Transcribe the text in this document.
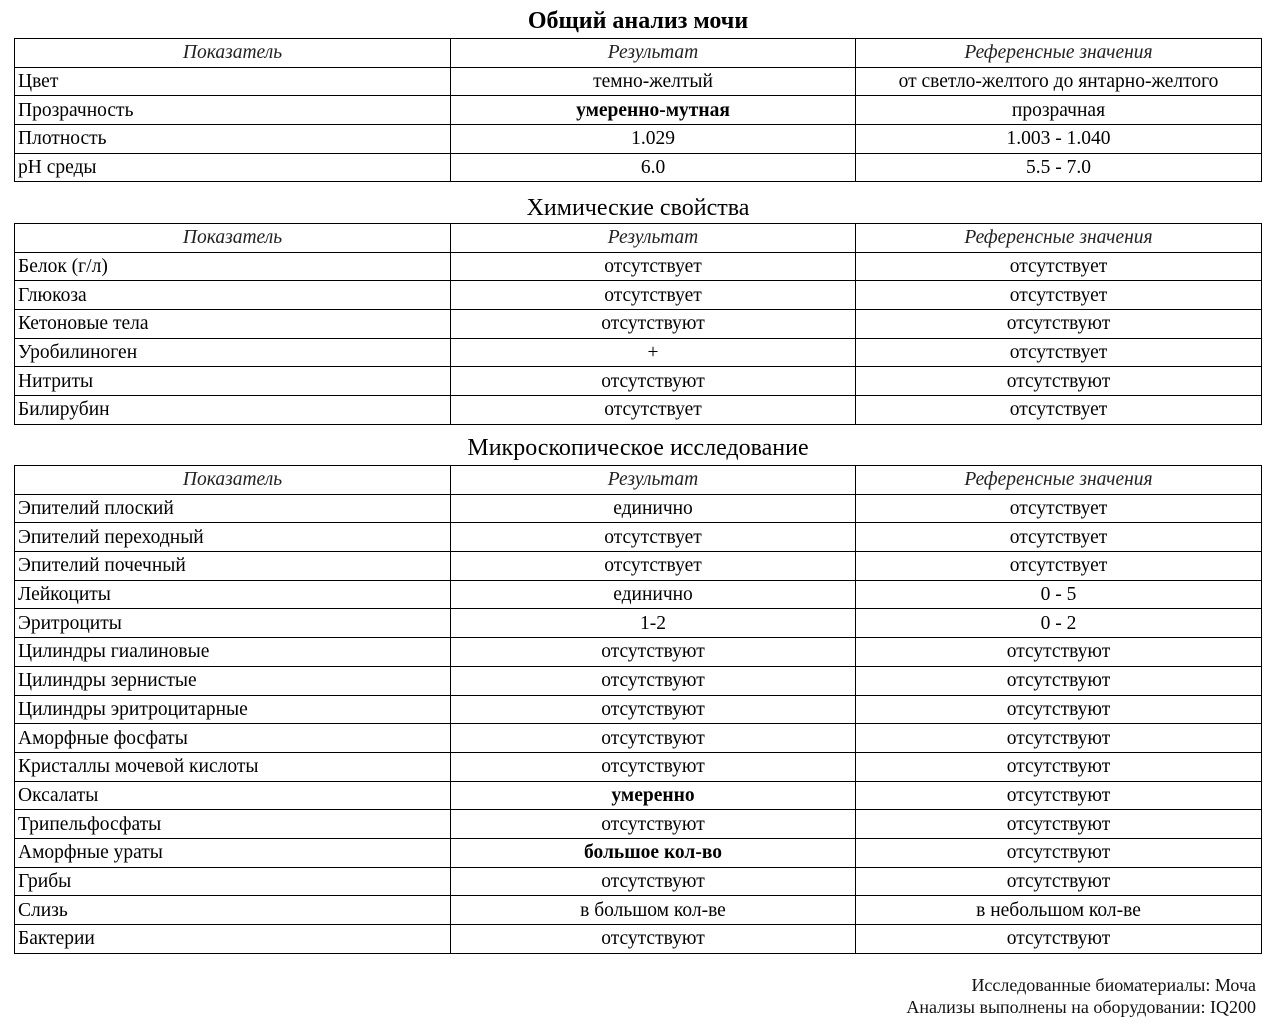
Общий анализ мочи
Показатель	Результат	Референсные значения
Цвет	темно-желтый	от светло-желтого до янтарно-желтого
Прозрачность	умеренно-мутная	прозрачная
Плотность	1.029	1.003 - 1.040
pH среды	6.0	5.5 - 7.0
Химические свойства
Показатель	Результат	Референсные значения
Белок (г/л)	отсутствует	отсутствует
Глюкоза	отсутствует	отсутствует
Кетоновые тела	отсутствуют	отсутствуют
Уробилиноген	+	отсутствует
Нитриты	отсутствуют	отсутствуют
Билирубин	отсутствует	отсутствует
Микроскопическое исследование
Показатель	Результат	Референсные значения
Эпителий плоский	единично	отсутствует
Эпителий переходный	отсутствует	отсутствует
Эпителий почечный	отсутствует	отсутствует
Лейкоциты	единично	0 - 5
Эритроциты	1-2	0 - 2
Цилиндры гиалиновые	отсутствуют	отсутствуют
Цилиндры зернистые	отсутствуют	отсутствуют
Цилиндры эритроцитарные	отсутствуют	отсутствуют
Аморфные фосфаты	отсутствуют	отсутствуют
Кристаллы мочевой кислоты	отсутствуют	отсутствуют
Оксалаты	умеренно	отсутствуют
Трипельфосфаты	отсутствуют	отсутствуют
Аморфные ураты	большое кол-во	отсутствуют
Грибы	отсутствуют	отсутствуют
Слизь	в большом кол-ве	в небольшом кол-ве
Бактерии	отсутствуют	отсутствуют
Исследованные биоматериалы: Моча
Анализы выполнены на оборудовании: IQ200
